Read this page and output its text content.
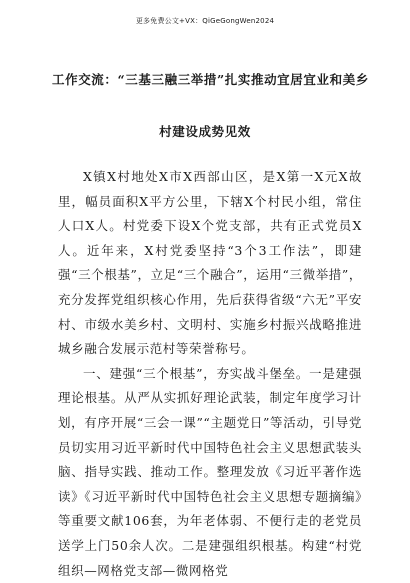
更多免费公文+VX：QiGeGongWen2024
工作交流：“三基三融三举措”扎实推动宜居宜业和美乡
村建设成势见效

X镇X村地处X市X西部山区，是X第一X元X故里，幅员面积X平方公里，下辖X个村民小组，常住人口X人。村党委下设X个党支部，共有正式党员X人。近年来，X村党委坚持“3个3工作法”，即建强“三个根基”，立足“三个融合”，运用“三微举措”，充分发挥党组织核心作用，先后获得省级“六无”平安村、市级水美乡村、文明村、实施乡村振兴战略推进城乡融合发展示范村等荣誉称号。

一、建强“三个根基”，夯实战斗堡垒。一是建强理论根基。从严从实抓好理论武装，制定年度学习计划，有序开展“三会一课”“主题党日”等活动，引导党员切实用习近平新时代中国特色社会主义思想武装头脑、指导实践、推动工作。整理发放《习近平著作选读》《习近平新时代中国特色社会主义思想专题摘编》等重要文献106套，为年老体弱、不便行走的老党员送学上门50余人次。二是建强组织根基。构建“村党组织—网格党支部—微网格党
